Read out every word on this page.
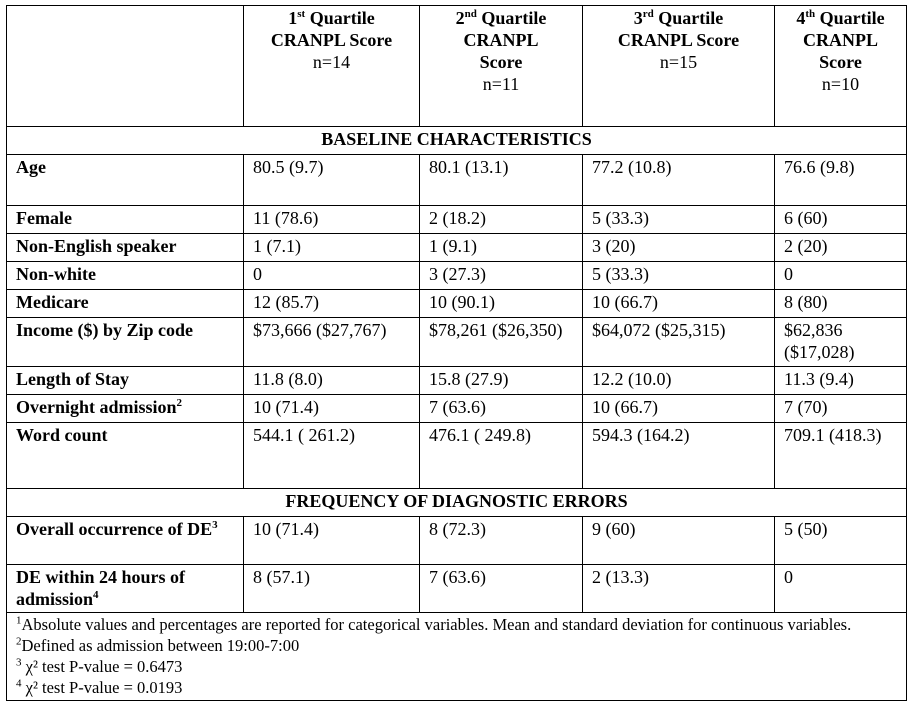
	1st Quartile
CRANPL Score
n=14	2nd Quartile
CRANPL
Score
n=11	3rd Quartile
CRANPL Score
n=15	4th Quartile
CRANPL
Score
n=10

BASELINE CHARACTERISTICS				
Age	80.5 (9.7)	80.1 (13.1)	77.2 (10.8)	76.6 (9.8)
Female	11 (78.6)	2 (18.2)	5 (33.3)	6 (60)
Non-English speaker	1 (7.1)	1 (9.1)	3 (20)	2 (20)
Non-white	0	3 (27.3)	5 (33.3)	0
Medicare	12 (85.7)	10 (90.1)	10 (66.7)	8 (80)
Income ($) by Zip code	$73,666 ($27,767)	$78,261 ($26,350)	$64,072 ($25,315)	$62,836 ($17,028)
Length of Stay	11.8 (8.0)	15.8 (27.9)	12.2 (10.0)	11.3 (9.4)
Overnight admission$^2$	10 (71.4)	7 (63.6)	10 (66.7)	7 (70)
Word count	544.1 ( 261.2)	476.1 ( 249.8)	594.3 (164.2)	709.1 (418.3)
FREQUENCY OF DIAGNOSTIC ERRORS				
Overall occurrence of $DE^3$	10 (71.4)	8 (72.3)	9 (60)	5 (50)
DE within 24 hours of admission$^4$	8 (57.1)	7 (63.6)	2 (13.3)	0

$^1$Absolute values and percentages are reported for categorical variables. Mean and standard deviation for continuous variables.
$^2$Defined as admission between 19:00-7:00
$^3$ χ² test P-value = 0.6473
$^4$ χ² test P-value = 0.0193				
